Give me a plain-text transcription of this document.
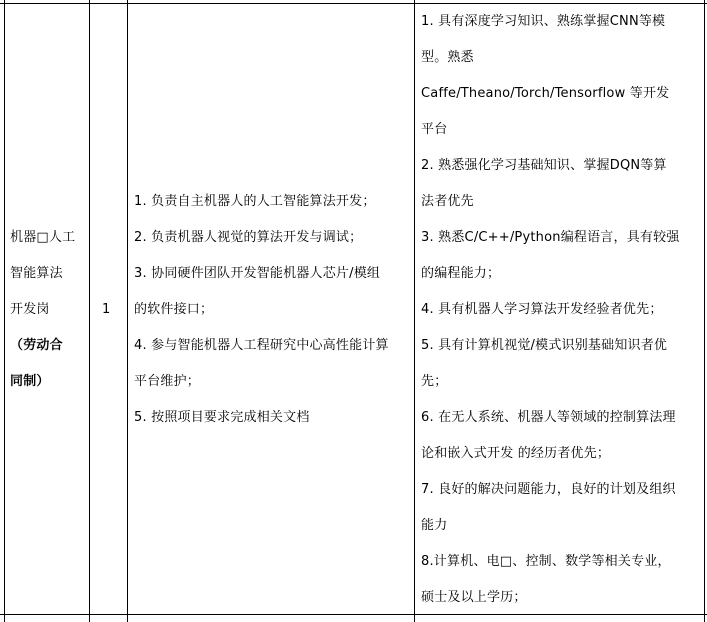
机器□人工
智能算法
开发岗
（劳动合
同制）
1
1. 负责自主机器人的人工智能算法开发；
2. 负责机器人视觉的算法开发与调试；
3. 协同硬件团队开发智能机器人芯片/模组
的软件接口；
4. 参与智能机器人工程研究中心高性能计算
平台维护；
5. 按照项目要求完成相关文档
1. 具有深度学习知识、熟练掌握CNN等模
型。熟悉
Caffe/Theano/Torch/Tensorflow 等开发
平台
2. 熟悉强化学习基础知识、掌握DQN等算
法者优先
3. 熟悉C/C++/Python编程语言，具有较强
的编程能力；
4. 具有机器人学习算法开发经验者优先；
5. 具有计算机视觉/模式识别基础知识者优
先；
6. 在无人系统、机器人等领域的控制算法理
论和嵌入式开发 的经历者优先；
7. 良好的解决问题能力，良好的计划及组织
能力
8.计算机、电□、控制、数学等相关专业，
硕士及以上学历；
